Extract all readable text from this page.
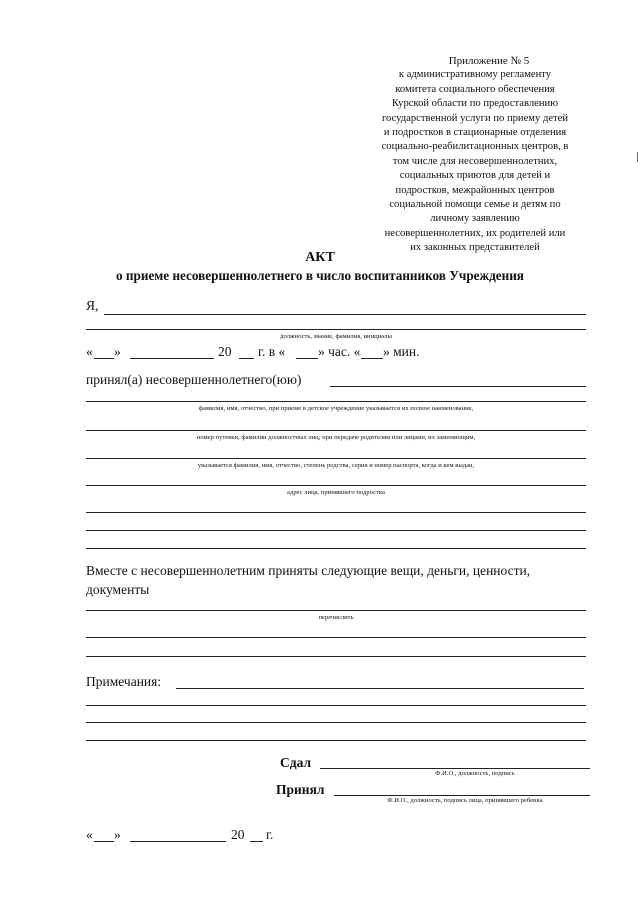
Приложение № 5
к административному регламенту
комитета социального обеспечения
Курской области по предоставлению
государственной услуги по приему детей
и подростков в стационарные отделения
социально-реабилитационных центров, в
том числе для несовершеннолетних,
социальных приютов для детей и
подростков, межрайонных центров
социальной помощи семье и детям по
личному заявлению
несовершеннолетних, их родителей или
их законных представителей
АКТ
о приеме несовершеннолетнего в число воспитанников Учреждения
Я,
должность, звание, фамилия, инициалы
« »	20 г. в « » час. « » мин.
принял(а) несовершеннолетнего(юю)
фамилия, имя, отчество, при приеме в детское учреждение указывается их полное наименование,
номер путевки, фамилии должностных лиц; при передаче родителям или лицами, их заменяющим,
указывается фамилия, имя, отчество, степень родства, серия и номер паспорта, когда и кем выдан,
адрес лица, принявшего подростка
Вместе с несовершеннолетним приняты следующие вещи, деньги, ценности,
документы
перечислить
Примечания:
Сдал
Ф.И.О., должность, подпись
Принял
Ф.И.О., должность, подпись лица, принявшего ребенка
« »	20 г.
